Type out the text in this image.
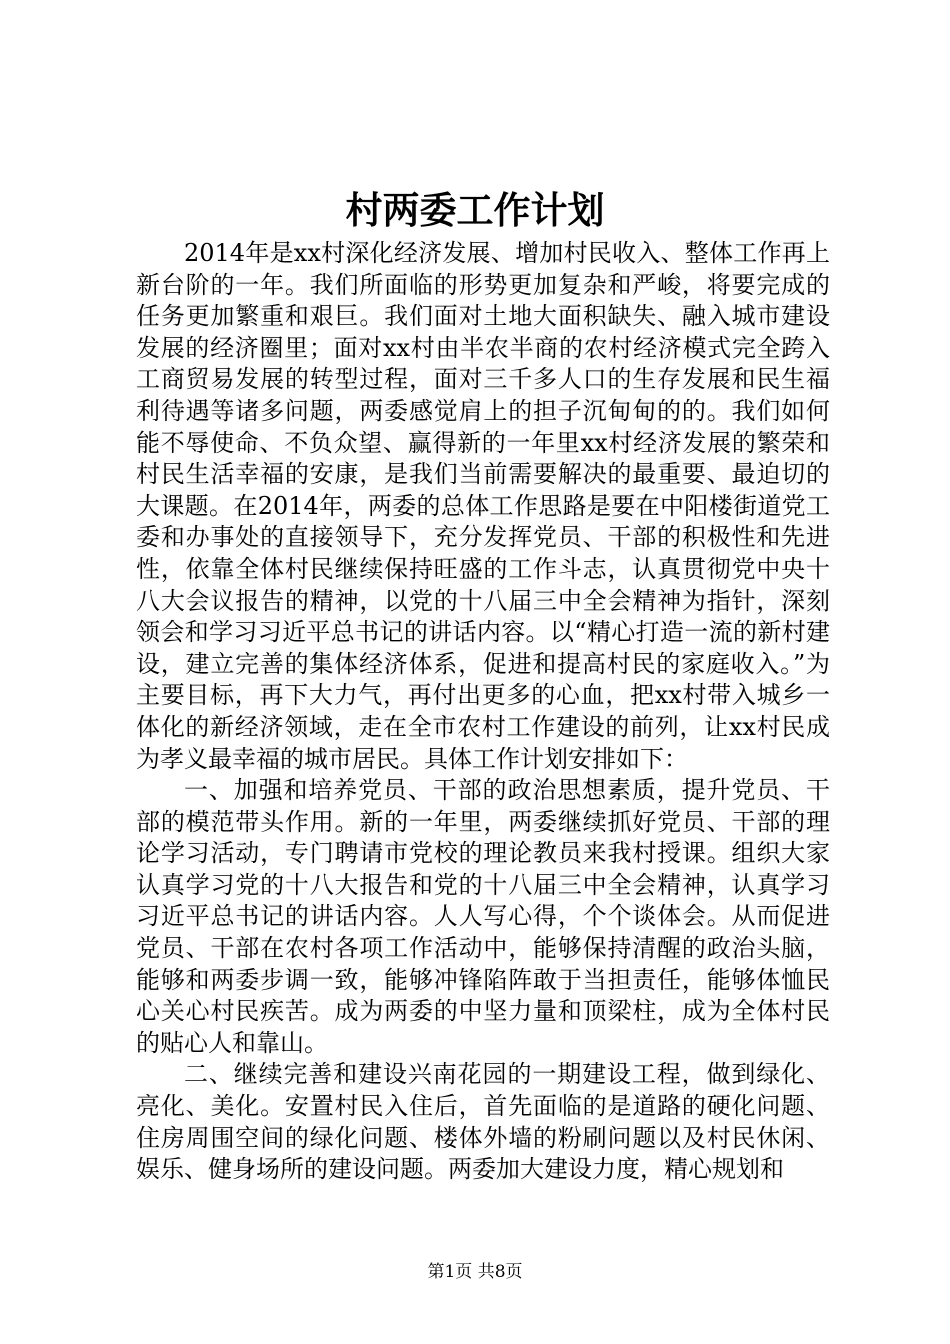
村两委工作计划

2014年是xx村深化经济发展、增加村民收入、整体工作再上新台阶的一年。我们所面临的形势更加复杂和严峻，将要完成的任务更加繁重和艰巨。我们面对土地大面积缺失、融入城市建设发展的经济圈里；面对xx村由半农半商的农村经济模式完全跨入工商贸易发展的转型过程，面对三千多人口的生存发展和民生福利待遇等诸多问题，两委感觉肩上的担子沉甸甸的的。我们如何能不辱使命、不负众望、赢得新的一年里xx村经济发展的繁荣和村民生活幸福的安康，是我们当前需要解决的最重要、最迫切的大课题。在2014年，两委的总体工作思路是要在中阳楼街道党工委和办事处的直接领导下，充分发挥党员、干部的积极性和先进性，依靠全体村民继续保持旺盛的工作斗志，认真贯彻党中央十八大会议报告的精神，以党的十八届三中全会精神为指针，深刻领会和学习习近平总书记的讲话内容。以“精心打造一流的新村建设，建立完善的集体经济体系，促进和提高村民的家庭收入。”为主要目标，再下大力气，再付出更多的心血，把xx村带入城乡一体化的新经济领域，走在全市农村工作建设的前列，让xx村民成为孝义最幸福的城市居民。具体工作计划安排如下：

一、加强和培养党员、干部的政治思想素质，提升党员、干部的模范带头作用。新的一年里，两委继续抓好党员、干部的理论学习活动，专门聘请市党校的理论教员来我村授课。组织大家认真学习党的十八大报告和党的十八届三中全会精神，认真学习习近平总书记的讲话内容。人人写心得，个个谈体会。从而促进党员、干部在农村各项工作活动中，能够保持清醒的政治头脑，能够和两委步调一致，能够冲锋陷阵敢于当担责任，能够体恤民心关心村民疾苦。成为两委的中坚力量和顶梁柱，成为全体村民的贴心人和靠山。

二、继续完善和建设兴南花园的一期建设工程，做到绿化、亮化、美化。安置村民入住后，首先面临的是道路的硬化问题、住房周围空间的绿化问题、楼体外墙的粉刷问题以及村民休闲、娱乐、健身场所的建设问题。两委加大建设力度，精心规划和

第1页 共8页
